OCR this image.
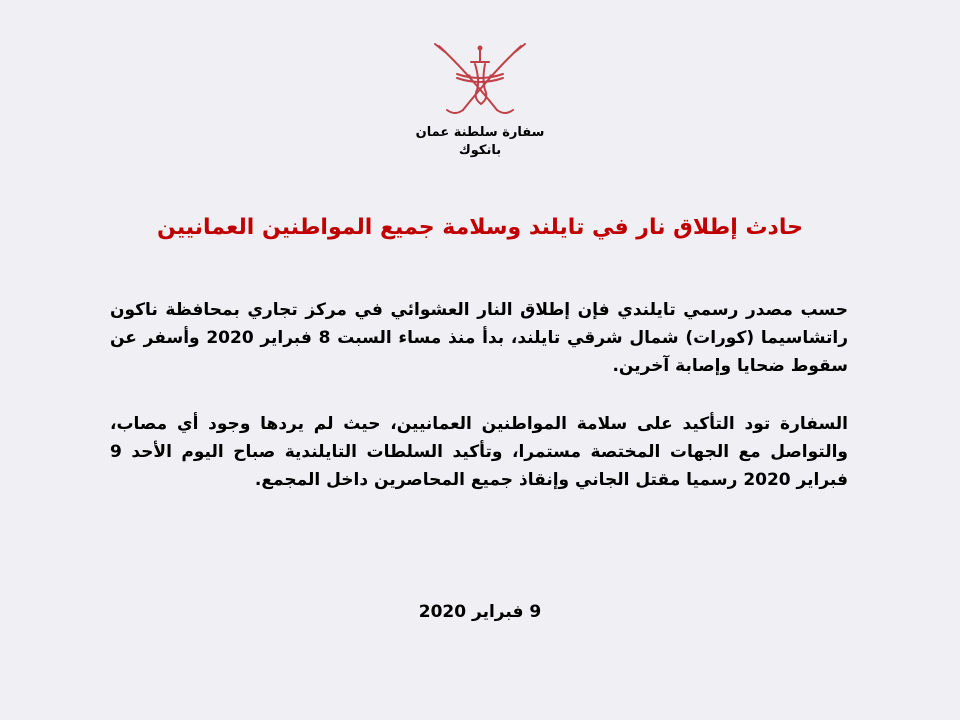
سفارة سلطنة عمان
بانكوك
حادث إطلاق نار في تايلند وسلامة جميع المواطنين العمانيين

حسب مصدر رسمي تايلندي فإن إطلاق النار العشوائي في مركز تجاري بمحافظة ناكون راتشاسيما (كورات) شمال شرقي تايلند، بدأ منذ مساء السبت 8 فبراير 2020 وأسفر عن سقوط ضحايا وإصابة آخرين.

السفارة تود التأكيد على سلامة المواطنين العمانيين، حيث لم يردها وجود أي مصاب، والتواصل مع الجهات المختصة مستمرا، وتأكيد السلطات التايلندية صباح اليوم الأحد 9 فبراير 2020 رسميا مقتل الجاني وإنقاذ جميع المحاصرين داخل المجمع.

9 فبراير 2020
